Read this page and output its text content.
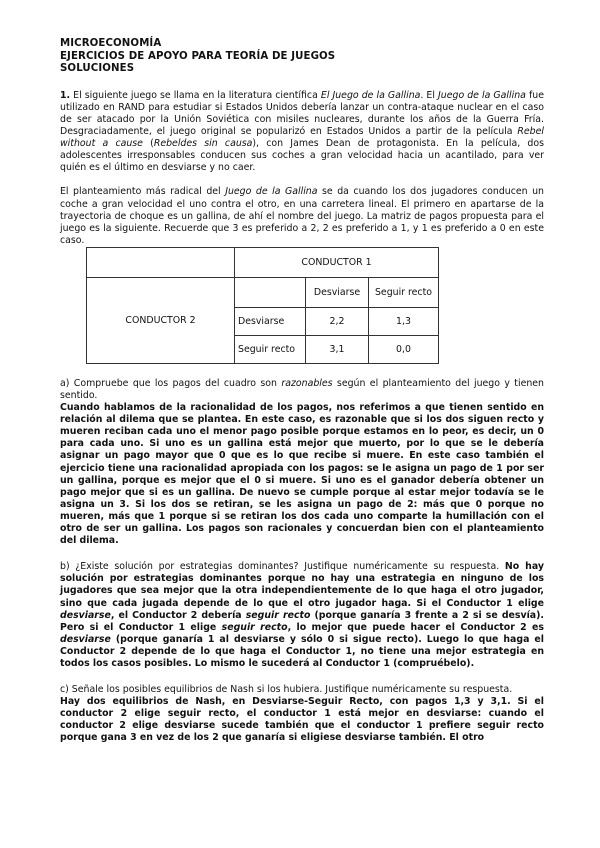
MICROECONOMÍA
EJERCICIOS DE APOYO PARA TEORÍA DE JUEGOS
SOLUCIONES

1. El siguiente juego se llama en la literatura científica El Juego de la Gallina. El Juego de la Gallina fue utilizado en RAND para estudiar si Estados Unidos debería lanzar un contra-ataque nuclear en el caso de ser atacado por la Unión Soviética con misiles nucleares, durante los años de la Guerra Fría. Desgraciadamente, el juego original se popularizó en Estados Unidos a partir de la película Rebel without a cause (Rebeldes sin causa), con James Dean de protagonista. En la película, dos adolescentes irresponsables conducen sus coches a gran velocidad hacia un acantilado, para ver quién es el último en desviarse y no caer.

El planteamiento más radical del Juego de la Gallina se da cuando los dos jugadores conducen un coche a gran velocidad el uno contra el otro, en una carretera lineal. El primero en apartarse de la trayectoria de choque es un gallina, de ahí el nombre del juego. La matriz de pagos propuesta para el juego es la siguiente. Recuerde que 3 es preferido a 2, 2 es preferido a 1, y 1 es preferido a 0 en este caso.

	CONDUCTOR 1		
CONDUCTOR 2		Desviarse	Seguir recto
	Desviarse	2,2	1,3
	Seguir recto	3,1	0,0

a) Compruebe que los pagos del cuadro son razonables según el planteamiento del juego y tienen sentido.

Cuando hablamos de la racionalidad de los pagos, nos referimos a que tienen sentido en relación al dilema que se plantea. En este caso, es razonable que si los dos siguen recto y mueren reciban cada uno el menor pago posible porque estamos en lo peor, es decir, un 0 para cada uno. Si uno es un gallina está mejor que muerto, por lo que se le debería asignar un pago mayor que 0 que es lo que recibe si muere. En este caso también el ejercicio tiene una racionalidad apropiada con los pagos: se le asigna un pago de 1 por ser un gallina, porque es mejor que el 0 si muere. Si uno es el ganador debería obtener un pago mejor que si es un gallina. De nuevo se cumple porque al estar mejor todavía se le asigna un 3. Si los dos se retiran, se les asigna un pago de 2: más que 0 porque no mueren, más que 1 porque si se retiran los dos cada uno comparte la humillación con el otro de ser un gallina. Los pagos son racionales y concuerdan bien con el planteamiento del dilema.

b) ¿Existe solución por estrategias dominantes? Justifique numéricamente su respuesta. No hay solución por estrategias dominantes porque no hay una estrategia en ninguno de los jugadores que sea mejor que la otra independientemente de lo que haga el otro jugador, sino que cada jugada depende de lo que el otro jugador haga. Si el Conductor 1 elige desviarse, el Conductor 2 debería seguir recto (porque ganaría 3 frente a 2 si se desvía). Pero si el Conductor 1 elige seguir recto, lo mejor que puede hacer el Conductor 2 es desviarse (porque ganaría 1 al desviarse y sólo 0 si sigue recto). Luego lo que haga el Conductor 2 depende de lo que haga el Conductor 1, no tiene una mejor estrategia en todos los casos posibles. Lo mismo le sucederá al Conductor 1 (compruébelo).

c) Señale los posibles equilibrios de Nash si los hubiera. Justifique numéricamente su respuesta.

Hay dos equilibrios de Nash, en Desviarse-Seguir Recto, con pagos 1,3 y 3,1. Si el conductor 2 elige seguir recto, el conductor 1 está mejor en desviarse: cuando el conductor 2 elige desviarse sucede también que el conductor 1 prefiere seguir recto porque gana 3 en vez de los 2 que ganaría si eligiese desviarse también. El otro
